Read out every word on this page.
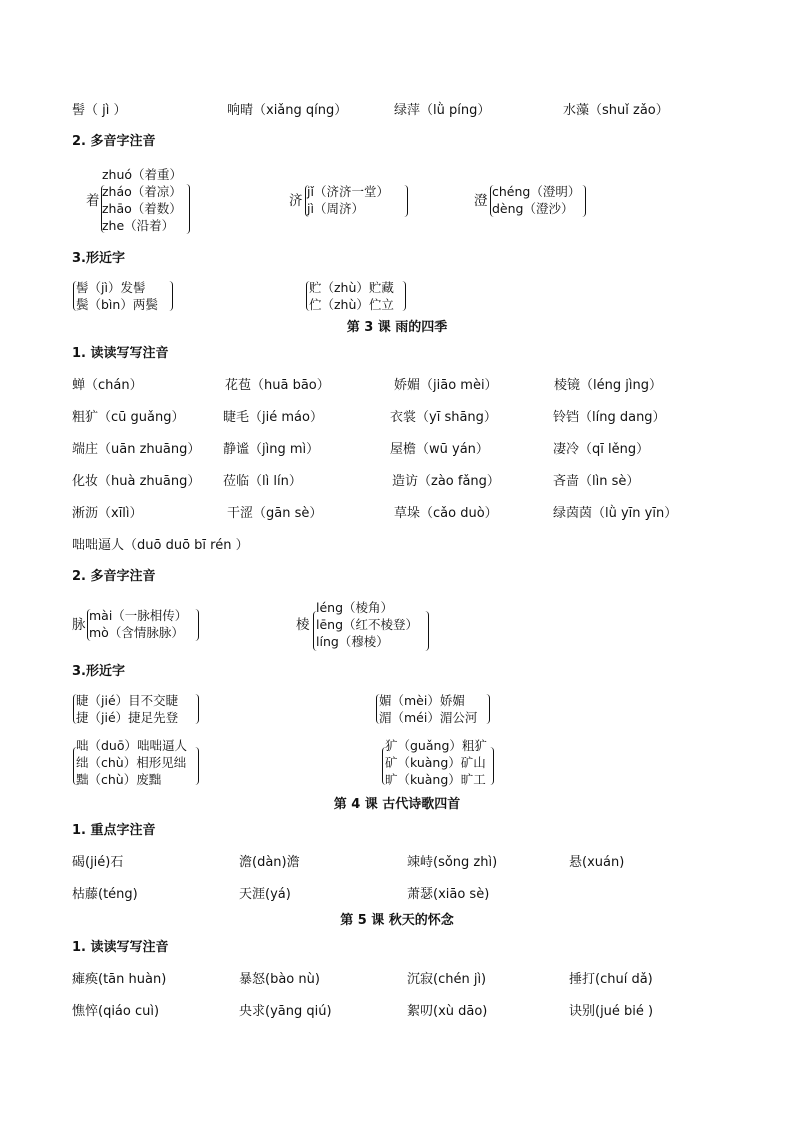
髻（ jì ）	响晴（xiǎng qíng）	绿萍（lǜ píng）	水藻（shuǐ zǎo）
2. 多音字注音
着
zhuó（着重）
zháo（着凉）
zhāo（着数）
zhe（沿着）
济
jǐ（济济一堂）
jì（周济）	澄
chéng（澄明）
dèng（澄沙）
3.形近字
髻（jì）发髻
鬓（bìn）两鬓
贮（zhù）贮藏
伫（zhù）伫立
第 3 课 雨的四季
1. 读读写写注音
蝉（chán）	花苞（huā bāo）	娇媚（jiāo mèi）	棱镜（léng jìng）
粗犷（cū guǎng）	睫毛（jié máo）	衣裳（yī shāng）	铃铛（líng dang）
端庄（uān zhuāng） 静谧（jìng mì）	屋檐（wū yán）	凄冷（qī lěng）
化妆（huà zhuāng） 莅临（lì lín）	造访（zào fǎng）	吝啬（lìn sè）
淅沥（xīlì）	干涩（gān sè）	草垛（cǎo duò）	绿茵茵（lǜ yīn yīn）
咄咄逼人（duō duō bī rén ）
2. 多音字注音
脉
mài（一脉相传）
mò（含情脉脉）	棱
léng（棱角）
lēng（红不棱登）
líng（穆棱）
3.形近字
睫（jié）目不交睫
捷（jié）捷足先登
媚（mèi）娇媚
湄（méi）湄公河
咄（duō）咄咄逼人
绌（chù）相形见绌
黜（chù）废黜
犷（guǎng）粗犷
矿（kuàng）矿山
旷（kuàng）旷工
第 4 课 古代诗歌四首
1. 重点字注音
碣(jié)石	澹(dàn)澹	竦峙(sǒng zhì)	悬(xuán)
枯藤(téng)	天涯(yá)	萧瑟(xiāo sè)
第 5 课 秋天的怀念
1. 读读写写注音
瘫痪(tān huàn)	暴怒(bào nù)	沉寂(chén jì)	捶打(chuí dǎ)
憔悴(qiáo cuì)	央求(yāng qiú)	絮叨(xù dāo)	诀别(jué bié )
